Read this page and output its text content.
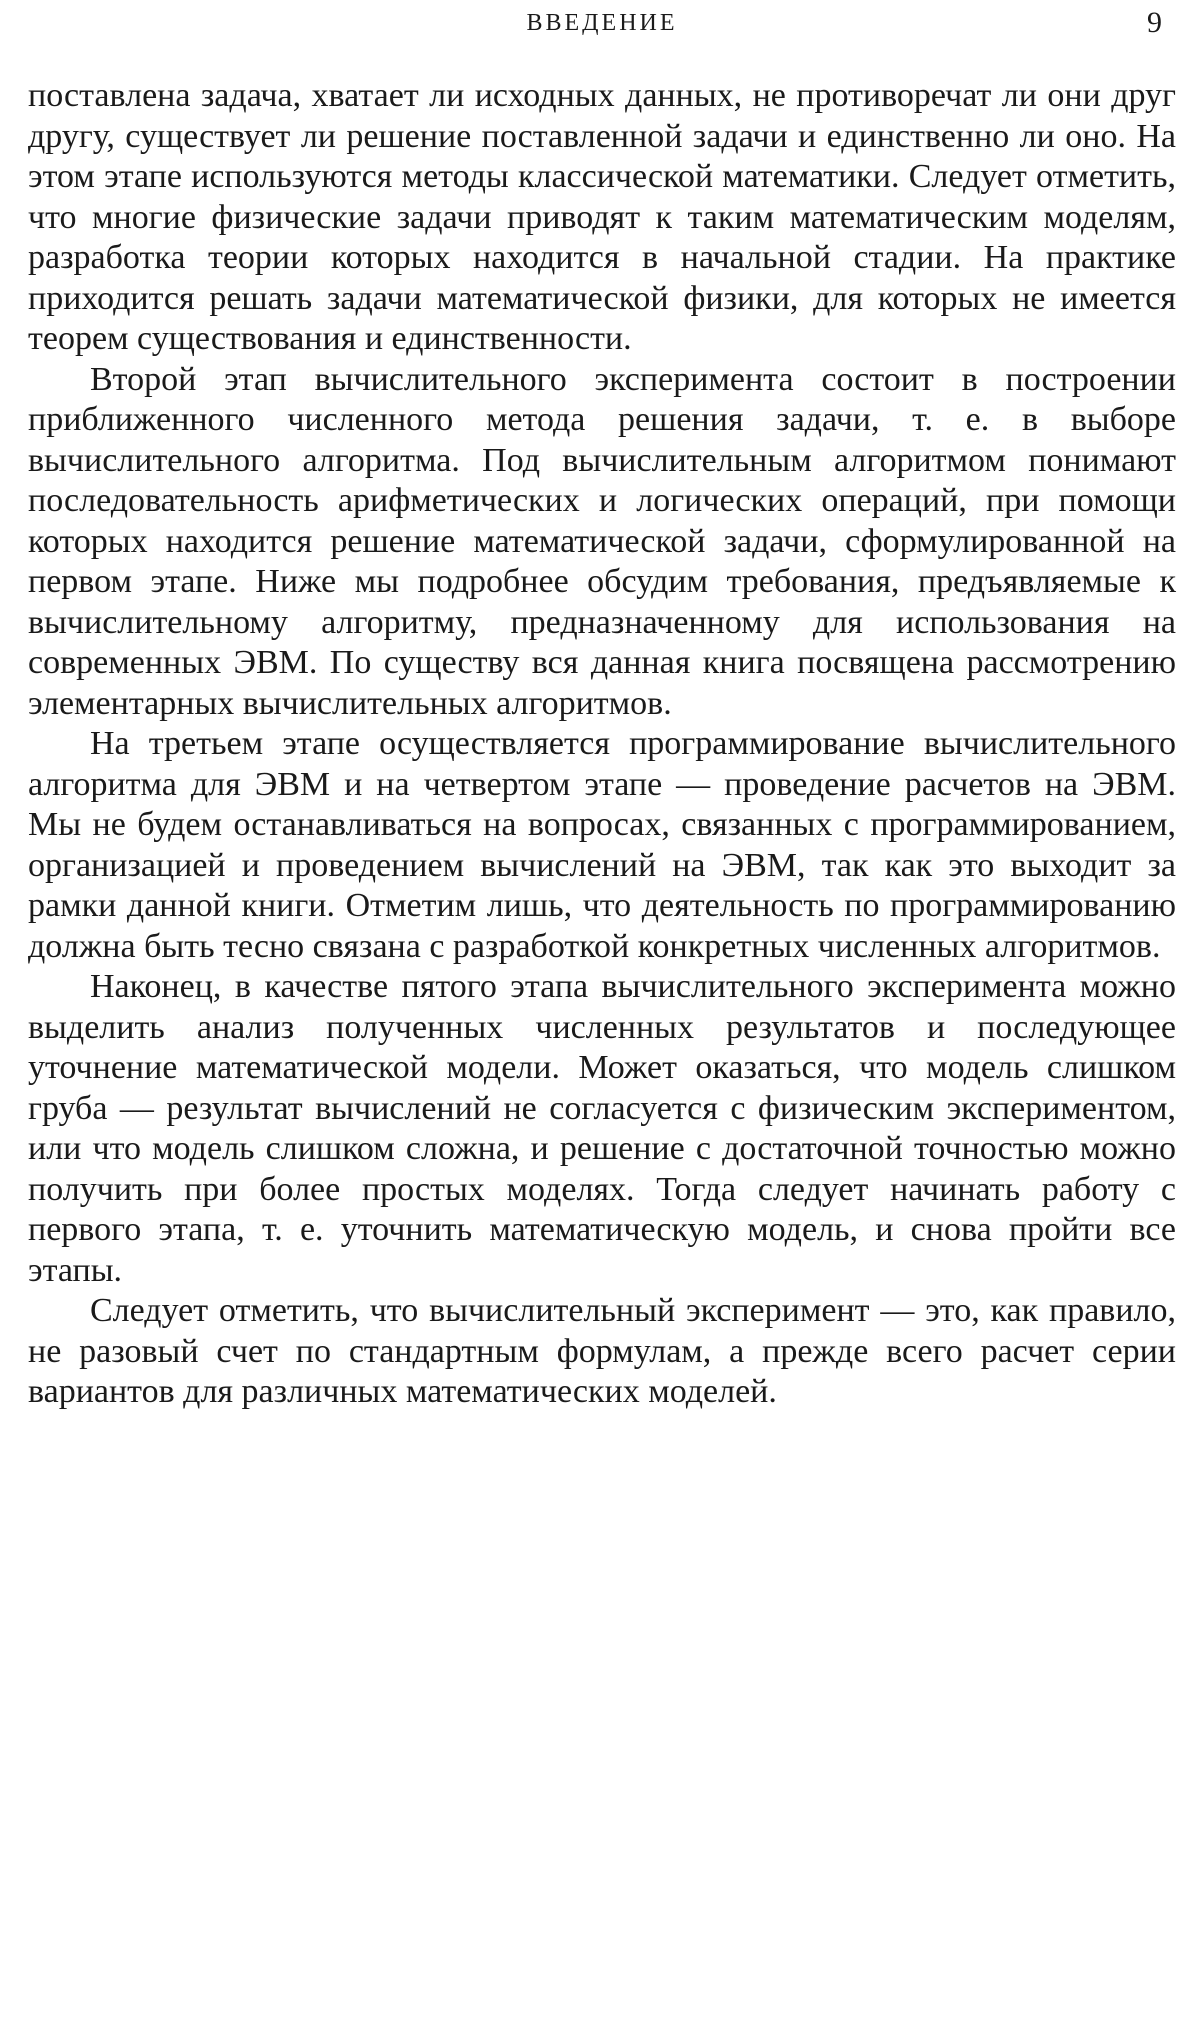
ВВЕДЕНИЕ	9

поставлена задача, хватает ли исходных данных, не противоречат ли они друг другу, существует ли решение поставленной задачи и единственно ли оно. На этом этапе используются методы классической математики. Следует отметить, что многие физические задачи приводят к таким математическим моделям, разработка теории которых находится в начальной стадии. На практике приходится решать задачи математической физики, для которых не имеется теорем существования и единственности.

Второй этап вычислительного эксперимента состоит в построении приближенного численного метода решения задачи, т. е. в выборе вычислительного алгоритма. Под вычислительным алгоритмом понимают последовательность арифметических и логических операций, при помощи которых находится решение математической задачи, сформулированной на первом этапе. Ниже мы подробнее обсудим требования, предъявляемые к вычислительному алгоритму, предназначенному для использования на современных ЭВМ. По существу вся данная книга посвящена рассмотрению элементарных вычислительных алгоритмов.

На третьем этапе осуществляется программирование вычислительного алгоритма для ЭВМ и на четвертом этапе — проведение расчетов на ЭВМ. Мы не будем останавливаться на вопросах, связанных с программированием, организацией и проведением вычислений на ЭВМ, так как это выходит за рамки данной книги. Отметим лишь, что деятельность по программированию должна быть тесно связана с разработкой конкретных численных алгоритмов.

Наконец, в качестве пятого этапа вычислительного эксперимента можно выделить анализ полученных численных результатов и последующее уточнение математической модели. Может оказаться, что модель слишком груба — результат вычислений не согласуется с физическим экспериментом, или что модель слишком сложна, и решение с достаточной точностью можно получить при более простых моделях. Тогда следует начинать работу с первого этапа, т. е. уточнить математическую модель, и снова пройти все этапы.

Следует отметить, что вычислительный эксперимент — это, как правило, не разовый счет по стандартным формулам, а прежде всего расчет серии вариантов для различных математических моделей.
